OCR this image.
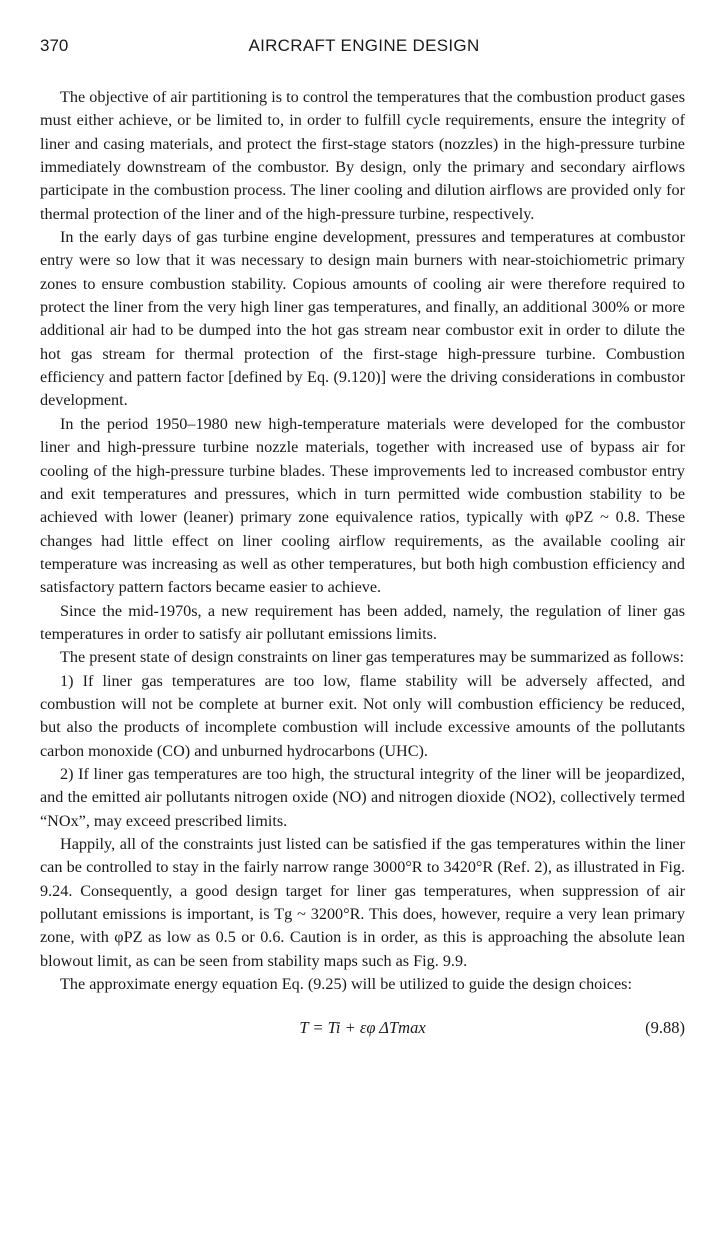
370	AIRCRAFT ENGINE DESIGN

The objective of air partitioning is to control the temperatures that the combustion product gases must either achieve, or be limited to, in order to fulfill cycle requirements, ensure the integrity of liner and casing materials, and protect the first-stage stators (nozzles) in the high-pressure turbine immediately downstream of the combustor. By design, only the primary and secondary airflows participate in the combustion process. The liner cooling and dilution airflows are provided only for thermal protection of the liner and of the high-pressure turbine, respectively.

In the early days of gas turbine engine development, pressures and temperatures at combustor entry were so low that it was necessary to design main burners with near-stoichiometric primary zones to ensure combustion stability. Copious amounts of cooling air were therefore required to protect the liner from the very high liner gas temperatures, and finally, an additional 300% or more additional air had to be dumped into the hot gas stream near combustor exit in order to dilute the hot gas stream for thermal protection of the first-stage high-pressure turbine. Combustion efficiency and pattern factor [defined by Eq. (9.120)] were the driving considerations in combustor development.

In the period 1950–1980 new high-temperature materials were developed for the combustor liner and high-pressure turbine nozzle materials, together with increased use of bypass air for cooling of the high-pressure turbine blades. These improvements led to increased combustor entry and exit temperatures and pressures, which in turn permitted wide combustion stability to be achieved with lower (leaner) primary zone equivalence ratios, typically with φPZ ~ 0.8. These changes had little effect on liner cooling airflow requirements, as the available cooling air temperature was increasing as well as other temperatures, but both high combustion efficiency and satisfactory pattern factors became easier to achieve.

Since the mid-1970s, a new requirement has been added, namely, the regulation of liner gas temperatures in order to satisfy air pollutant emissions limits.

The present state of design constraints on liner gas temperatures may be summarized as follows:

1) If liner gas temperatures are too low, flame stability will be adversely affected, and combustion will not be complete at burner exit. Not only will combustion efficiency be reduced, but also the products of incomplete combustion will include excessive amounts of the pollutants carbon monoxide (CO) and unburned hydrocarbons (UHC).

2) If liner gas temperatures are too high, the structural integrity of the liner will be jeopardized, and the emitted air pollutants nitrogen oxide (NO) and nitrogen dioxide (NO2), collectively termed “NOx”, may exceed prescribed limits.

Happily, all of the constraints just listed can be satisfied if the gas temperatures within the liner can be controlled to stay in the fairly narrow range 3000°R to 3420°R (Ref. 2), as illustrated in Fig. 9.24. Consequently, a good design target for liner gas temperatures, when suppression of air pollutant emissions is important, is Tg ~ 3200°R. This does, however, require a very lean primary zone, with φPZ as low as 0.5 or 0.6. Caution is in order, as this is approaching the absolute lean blowout limit, as can be seen from stability maps such as Fig. 9.9.

The approximate energy equation Eq. (9.25) will be utilized to guide the design choices:

T = Ti + εφ ΔTmax	(9.88)
